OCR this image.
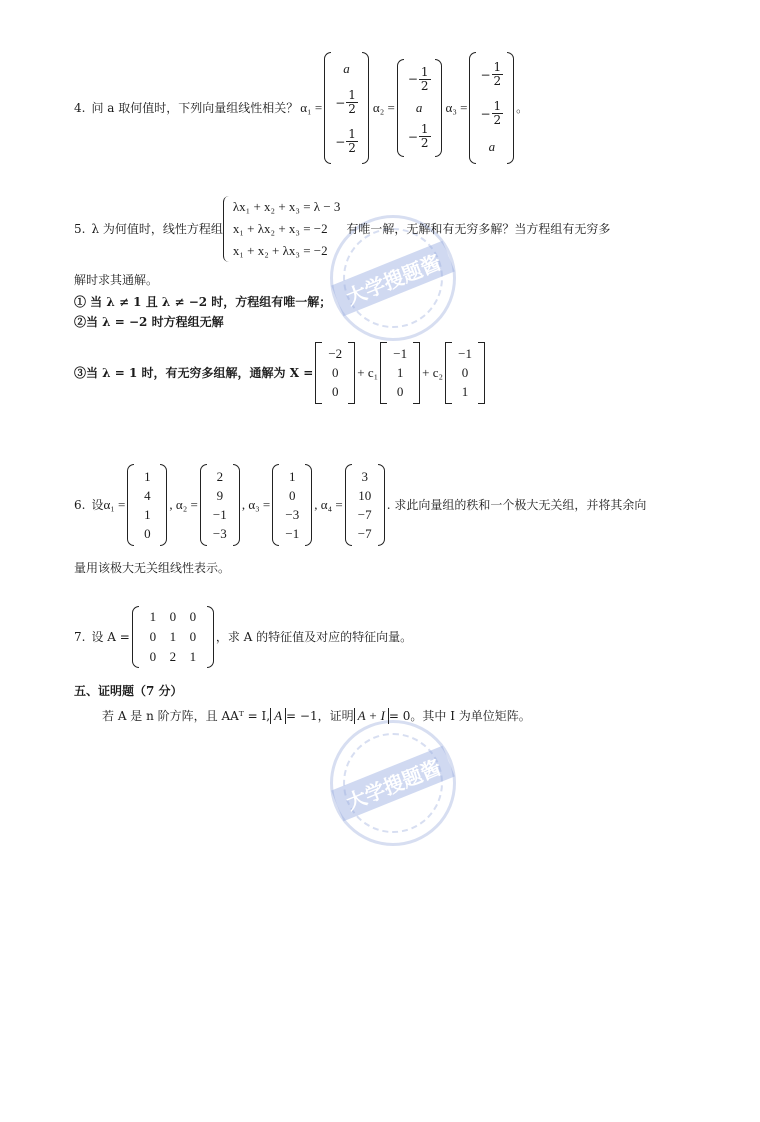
大学搜题酱
大学搜题酱
4. 问 a 取何值时，下列向量组线性相关？ α₁ =
a
− $\frac{1}{2}$
− $\frac{1}{2}$
α₂ =
− $\frac{1}{2}$
a
− $\frac{1}{2}$
α₃ =
− $\frac{1}{2}$
− $\frac{1}{2}$
a
。
5. λ 为何值时，线性方程组
λx₁ + x₂ + x₃ = λ − 3
x₁ + λx₂ + x₃ = −2
x₁ + x₂ + λx₃ = −2
有唯一解，无解和有无穷多解？当方程组有无穷多
解时求其通解。
① 当 λ ≠ 1 且 λ ≠ −2 时，方程组有唯一解；
②当 λ = −2 时方程组无解
③当 λ = 1 时，有无穷多组解，通解为 X =
−2
0
0
+ c₁
−1
1
0
+ c₂
−1
0
1
6. 设 α₁ =
1
4
1
0
, α₂ =
2
9
−1
−3
, α₃ =
1
0
−3
−1
, α₄ =
3
10
−7
−7
. 求此向量组的秩和一个极大无关组，并将其余向
量用该极大无关组线性表示。
7. 设 A =
1	0	0
0	1	0
0	2	1
，求 A 的特征值及对应的特征向量。
五、证明题（7 分）
若 A 是 n 阶方阵，且 AAᵀ = I, A = −1，证明 A + I = 0。其中 I 为单位矩阵。
